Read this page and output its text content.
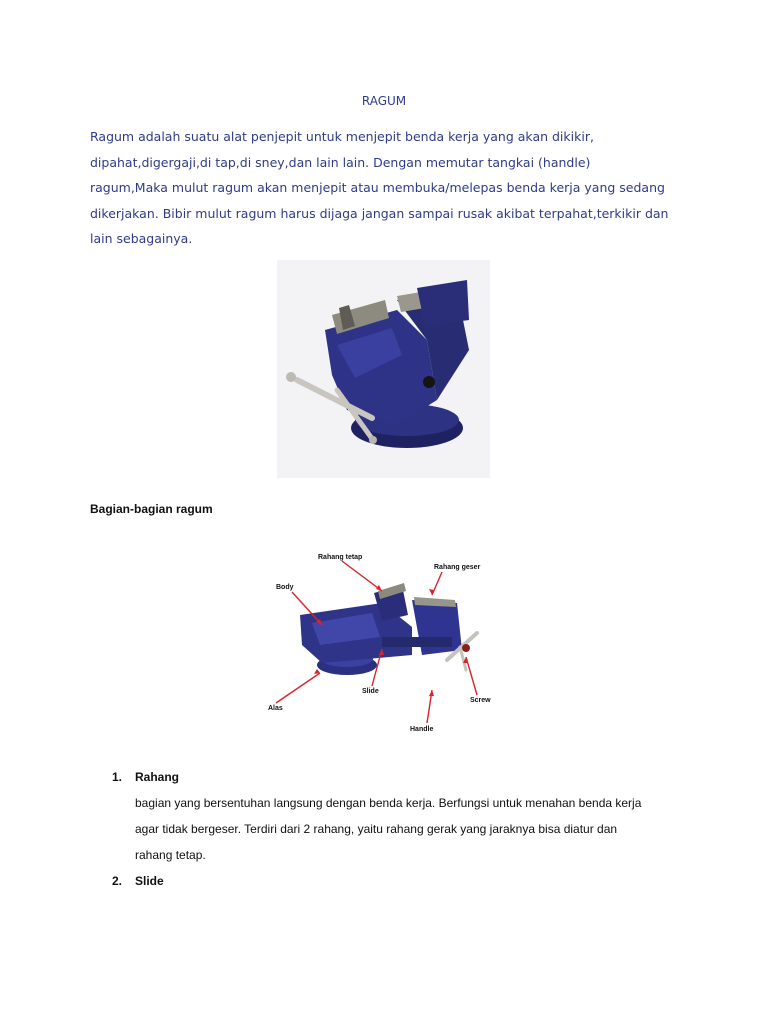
RAGUM
Ragum adalah suatu alat penjepit untuk menjepit benda kerja yang akan dikikir,
dipahat,digergaji,di tap,di sney,dan lain lain. Dengan memutar tangkai (handle)
ragum,Maka mulut ragum akan menjepit atau membuka/melepas benda kerja yang sedang
dikerjakan. Bibir mulut ragum harus dijaga jangan sampai rusak akibat terpahat,terkikir dan
lain sebagainya.
Bagian-bagian ragum
Rahang tetap
Rahang geser
Body
Slide
Alas
Screw
Handle
1.	Rahang
bagian yang bersentuhan langsung dengan benda kerja. Berfungsi untuk menahan benda kerja
agar tidak bergeser. Terdiri dari 2 rahang, yaitu rahang gerak yang jaraknya bisa diatur dan
rahang tetap.
2.	Slide
